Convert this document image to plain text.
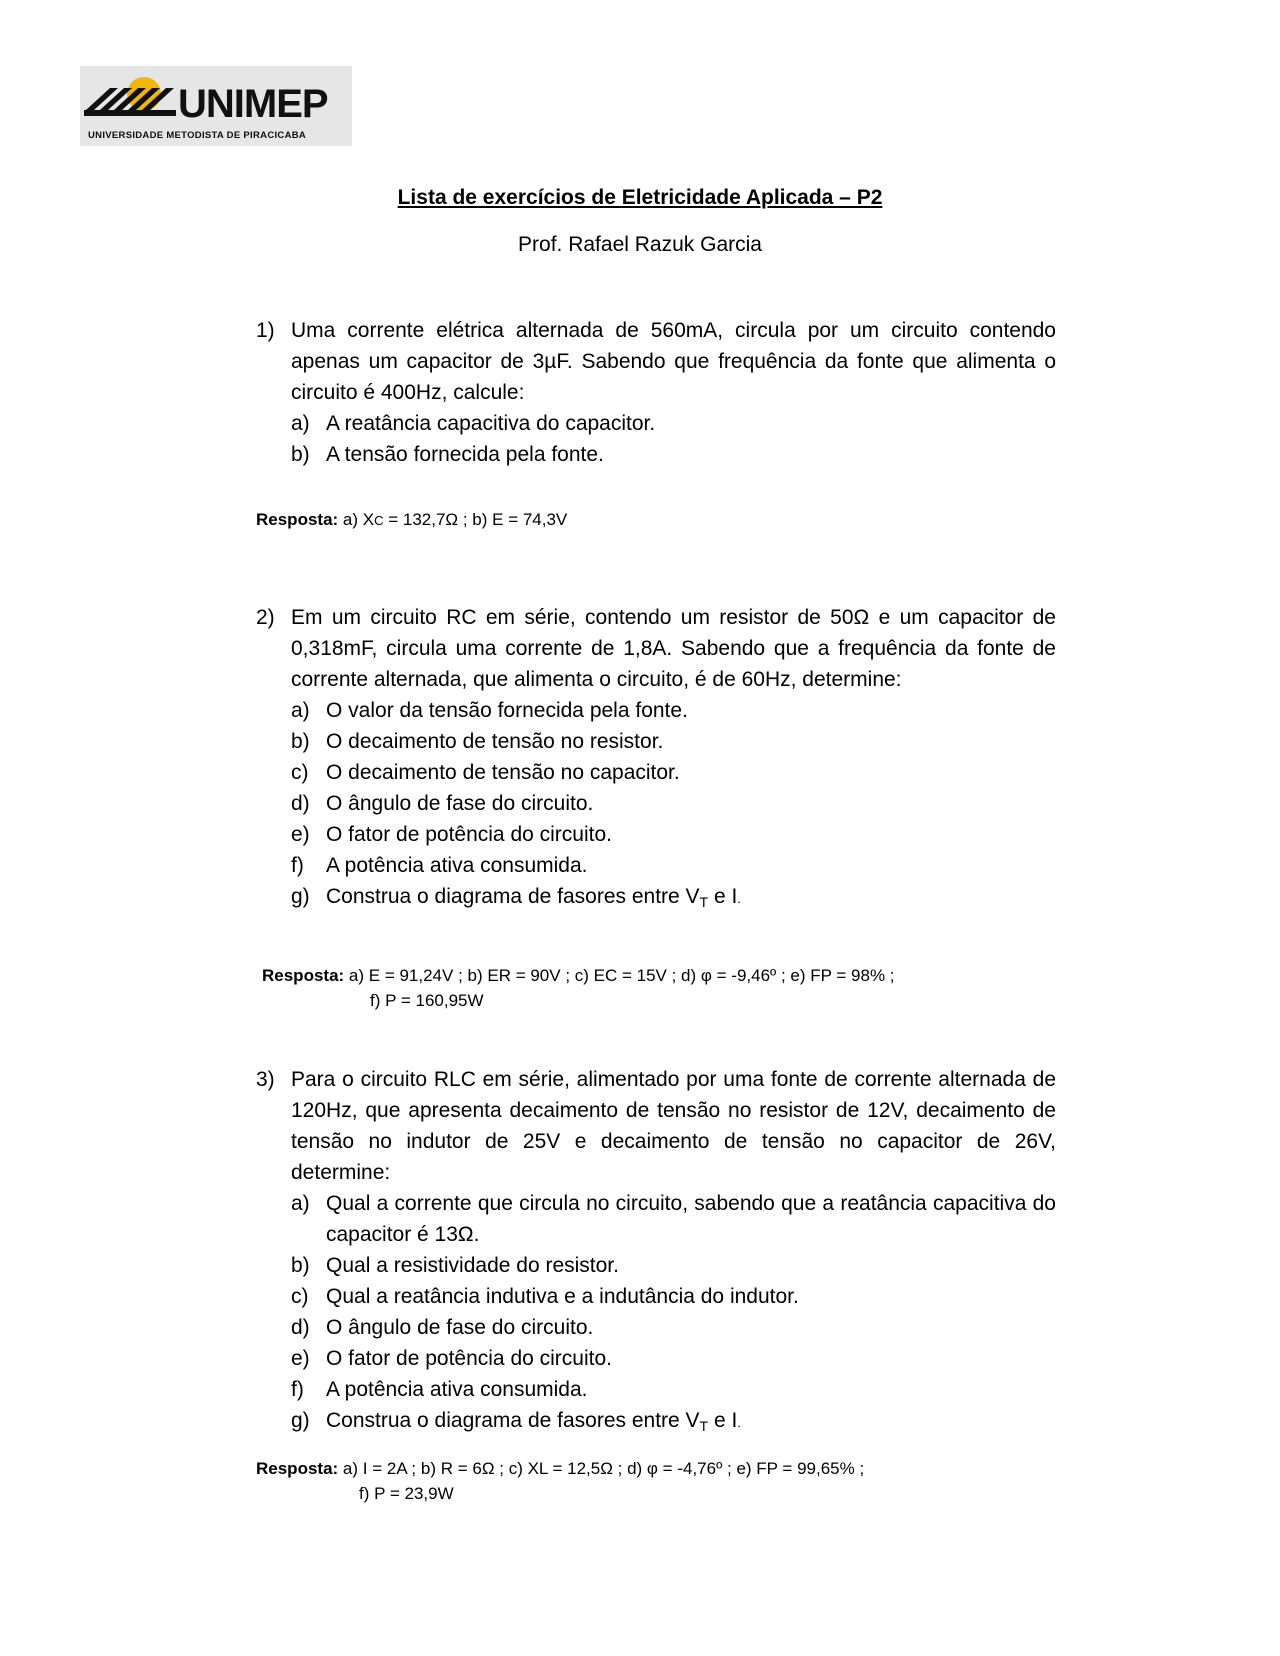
UNIMEP
UNIVERSIDADE METODISTA DE PIRACICABA
Lista de exercícios de Eletricidade Aplicada – P2
Prof. Rafael Razuk Garcia
1) Uma corrente elétrica alternada de 560mA, circula por um circuito contendo apenas um capacitor de 3µF. Sabendo que frequência da fonte que alimenta o circuito é 400Hz, calcule:
a) A reatância capacitiva do capacitor.
b) A tensão fornecida pela fonte.
Resposta: a) XC = 132,7Ω ; b) E = 74,3V
2) Em um circuito RC em série, contendo um resistor de 50Ω e um capacitor de 0,318mF, circula uma corrente de 1,8A. Sabendo que a frequência da fonte de corrente alternada, que alimenta o circuito, é de 60Hz, determine:
a) O valor da tensão fornecida pela fonte.
b) O decaimento de tensão no resistor.
c) O decaimento de tensão no capacitor.
d) O ângulo de fase do circuito.
e) O fator de potência do circuito.
f) A potência ativa consumida.
g) Construa o diagrama de fasores entre $V_T$ e I.
Resposta: a) E = 91,24V ; b) ER = 90V ; c) EC = 15V ; d) φ = -9,46º ; e) FP = 98% ;
f) P = 160,95W
3) Para o circuito RLC em série, alimentado por uma fonte de corrente alternada de 120Hz, que apresenta decaimento de tensão no resistor de 12V, decaimento de tensão no indutor de 25V e decaimento de tensão no capacitor de 26V, determine:
a) Qual a corrente que circula no circuito, sabendo que a reatância capacitiva do capacitor é 13Ω.
b) Qual a resistividade do resistor.
c) Qual a reatância indutiva e a indutância do indutor.
d) O ângulo de fase do circuito.
e) O fator de potência do circuito.
f) A potência ativa consumida.
g) Construa o diagrama de fasores entre $V_T$ e I.
Resposta: a) I = 2A ; b) R = 6Ω ; c) XL = 12,5Ω ; d) φ = -4,76º ; e) FP = 99,65% ;
f) P = 23,9W
